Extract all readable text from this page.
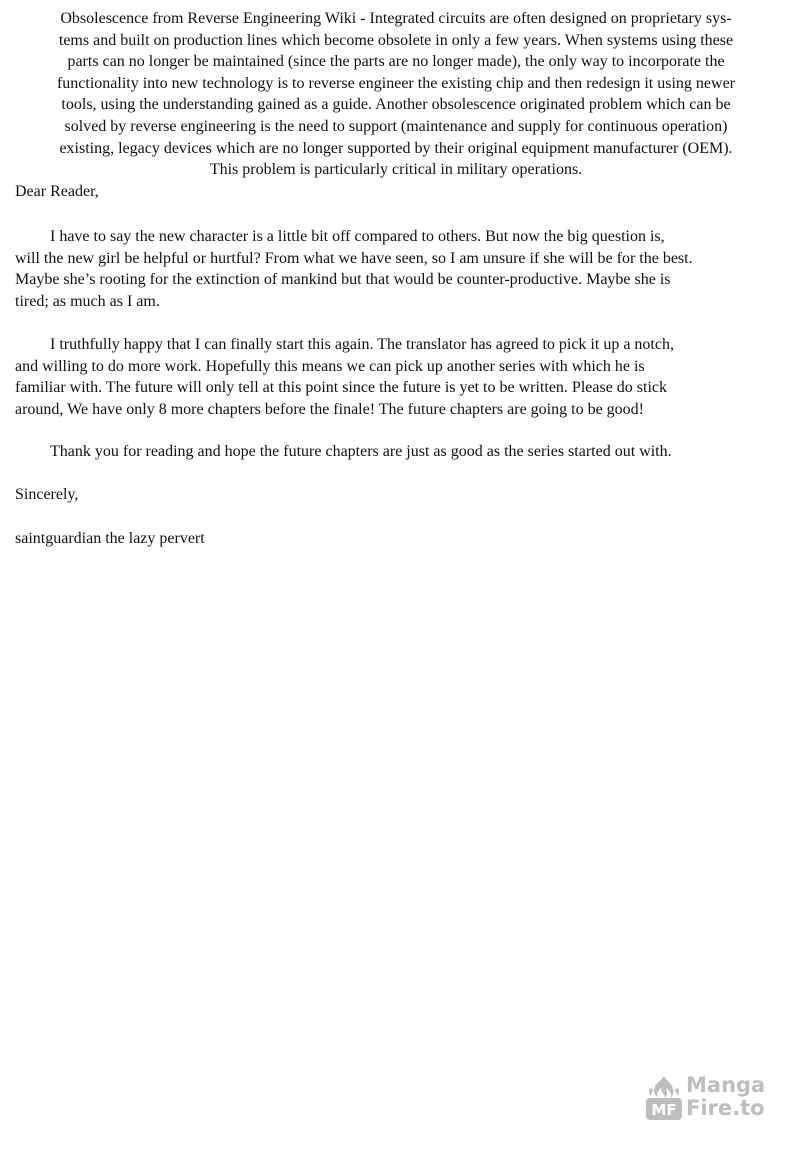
Obsolescence from Reverse Engineering Wiki - Integrated circuits are often designed on proprietary sys-
tems and built on production lines which become obsolete in only a few years. When systems using these
parts can no longer be maintained (since the parts are no longer made), the only way to incorporate the
functionality into new technology is to reverse engineer the existing chip and then redesign it using newer
tools, using the understanding gained as a guide. Another obsolescence originated problem which can be
solved by reverse engineering is the need to support (maintenance and supply for continuous operation)
existing, legacy devices which are no longer supported by their original equipment manufacturer (OEM).
This problem is particularly critical in military operations.

Dear Reader,

I have to say the new character is a little bit off compared to others. But now the big question is,
will the new girl be helpful or hurtful? From what we have seen, so I am unsure if she will be for the best.
Maybe she’s rooting for the extinction of mankind but that would be counter-productive. Maybe she is
tired; as much as I am.

I truthfully happy that I can finally start this again. The translator has agreed to pick it up a notch,
and willing to do more work. Hopefully this means we can pick up another series with which he is
familiar with. The future will only tell at this point since the future is yet to be written. Please do stick
around, We have only 8 more chapters before the finale! The future chapters are going to be good!

Thank you for reading and hope the future chapters are just as good as the series started out with.

Sincerely,

saintguardian the lazy pervert

MF
Manga
Fire.to
